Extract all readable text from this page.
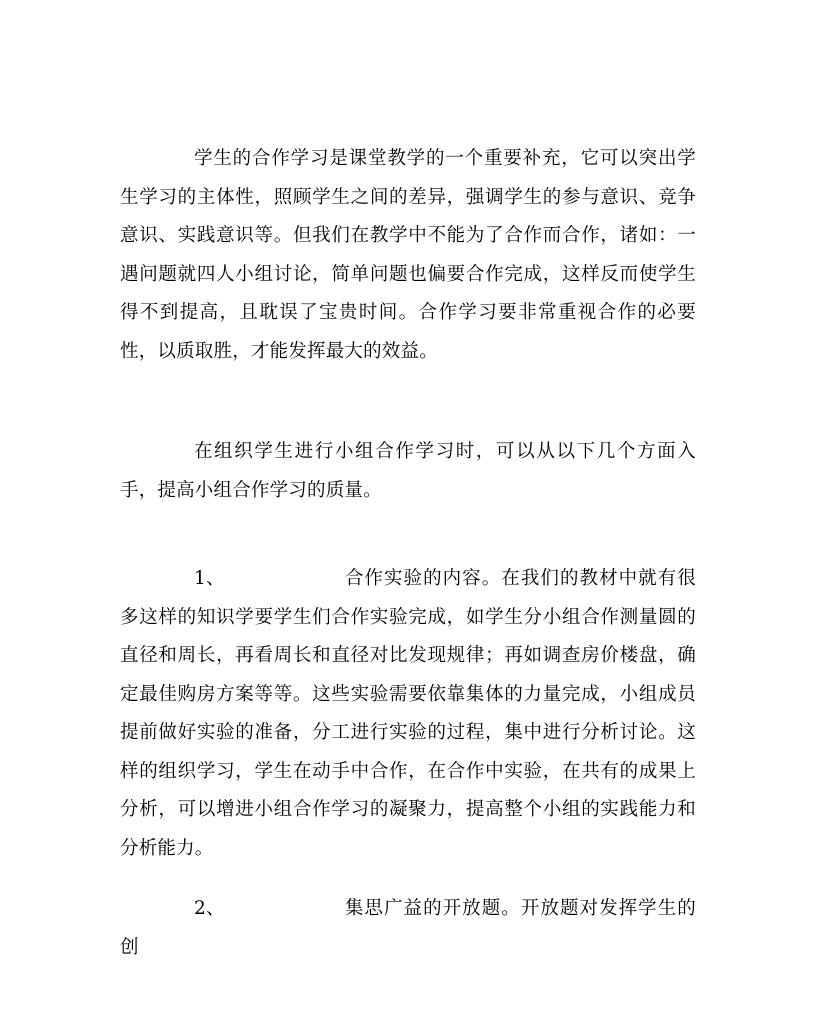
学生的合作学习是课堂教学的一个重要补充，它可以突出学生学习的主体性，照顾学生之间的差异，强调学生的参与意识、竞争意识、实践意识等。但我们在教学中不能为了合作而合作，诸如：一遇问题就四人小组讨论，简单问题也偏要合作完成，这样反而使学生得不到提高，且耽误了宝贵时间。合作学习要非常重视合作的必要性，以质取胜，才能发挥最大的效益。

在组织学生进行小组合作学习时，可以从以下几个方面入手，提高小组合作学习的质量。

1、	合作实验的内容。在我们的教材中就有很多这样的知识学要学生们合作实验完成，如学生分小组合作测量圆的直径和周长，再看周长和直径对比发现规律；再如调查房价楼盘，确定最佳购房方案等等。这些实验需要依靠集体的力量完成，小组成员提前做好实验的准备，分工进行实验的过程，集中进行分析讨论。这样的组织学习，学生在动手中合作，在合作中实验，在共有的成果上分析，可以增进小组合作学习的凝聚力，提高整个小组的实践能力和分析能力。

2、	集思广益的开放题。开放题对发挥学生的创
